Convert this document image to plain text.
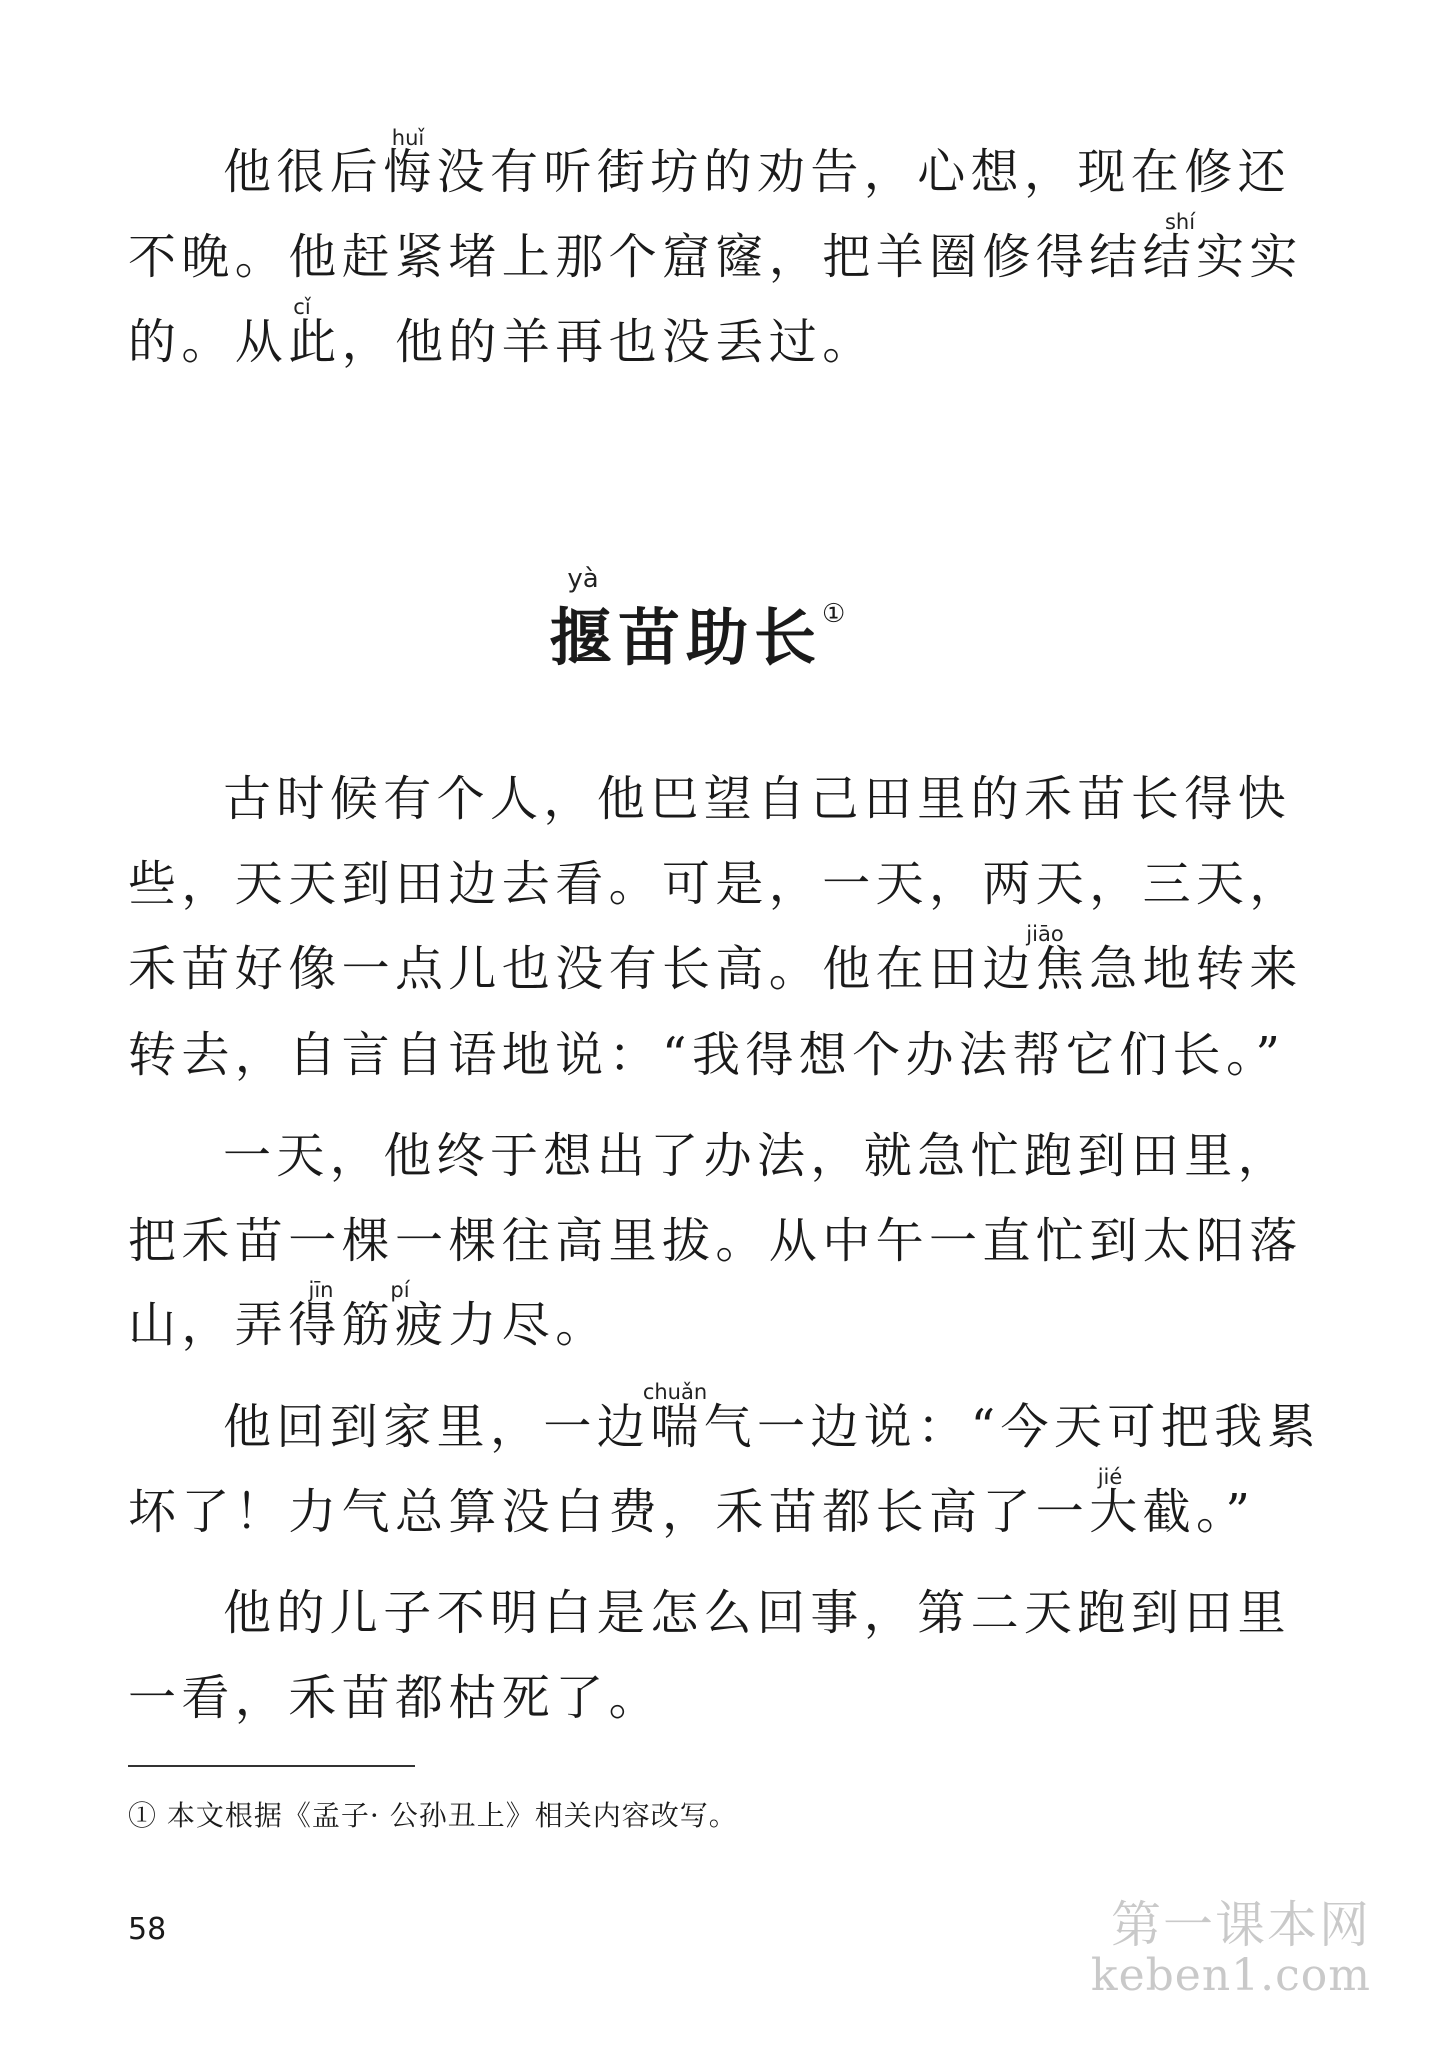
他很后悔没有听街坊的劝告，心想，现在修还

huǐ

不晚。他赶紧堵上那个窟窿，把羊圈修得结结实实

shí

的。从此，他的羊再也没丢过。

cǐ
yà
揠苗助长 ①

古时候有个人，他巴望自己田里的禾苗长得快

些，天天到田边去看。可是，一天，两天，三天，

禾苗好像一点儿也没有长高。他在田边焦急地转来

jiāo

转去，自言自语地说：“我得想个办法帮它们长。”

一天，他终于想出了办法，就急忙跑到田里，

把禾苗一棵一棵往高里拔。从中午一直忙到太阳落

山，弄得筋疲力尽。

jīn	pí

他回到家里，一边喘气一边说：“今天可把我累

chuǎn

坏了！力气总算没白费，禾苗都长高了一大截。”

jié

他的儿子不明白是怎么回事，第二天跑到田里

一看，禾苗都枯死了。

① 本文根据《孟子· 公孙丑上》相关内容改写。

58	第一课本网
keben1.com
